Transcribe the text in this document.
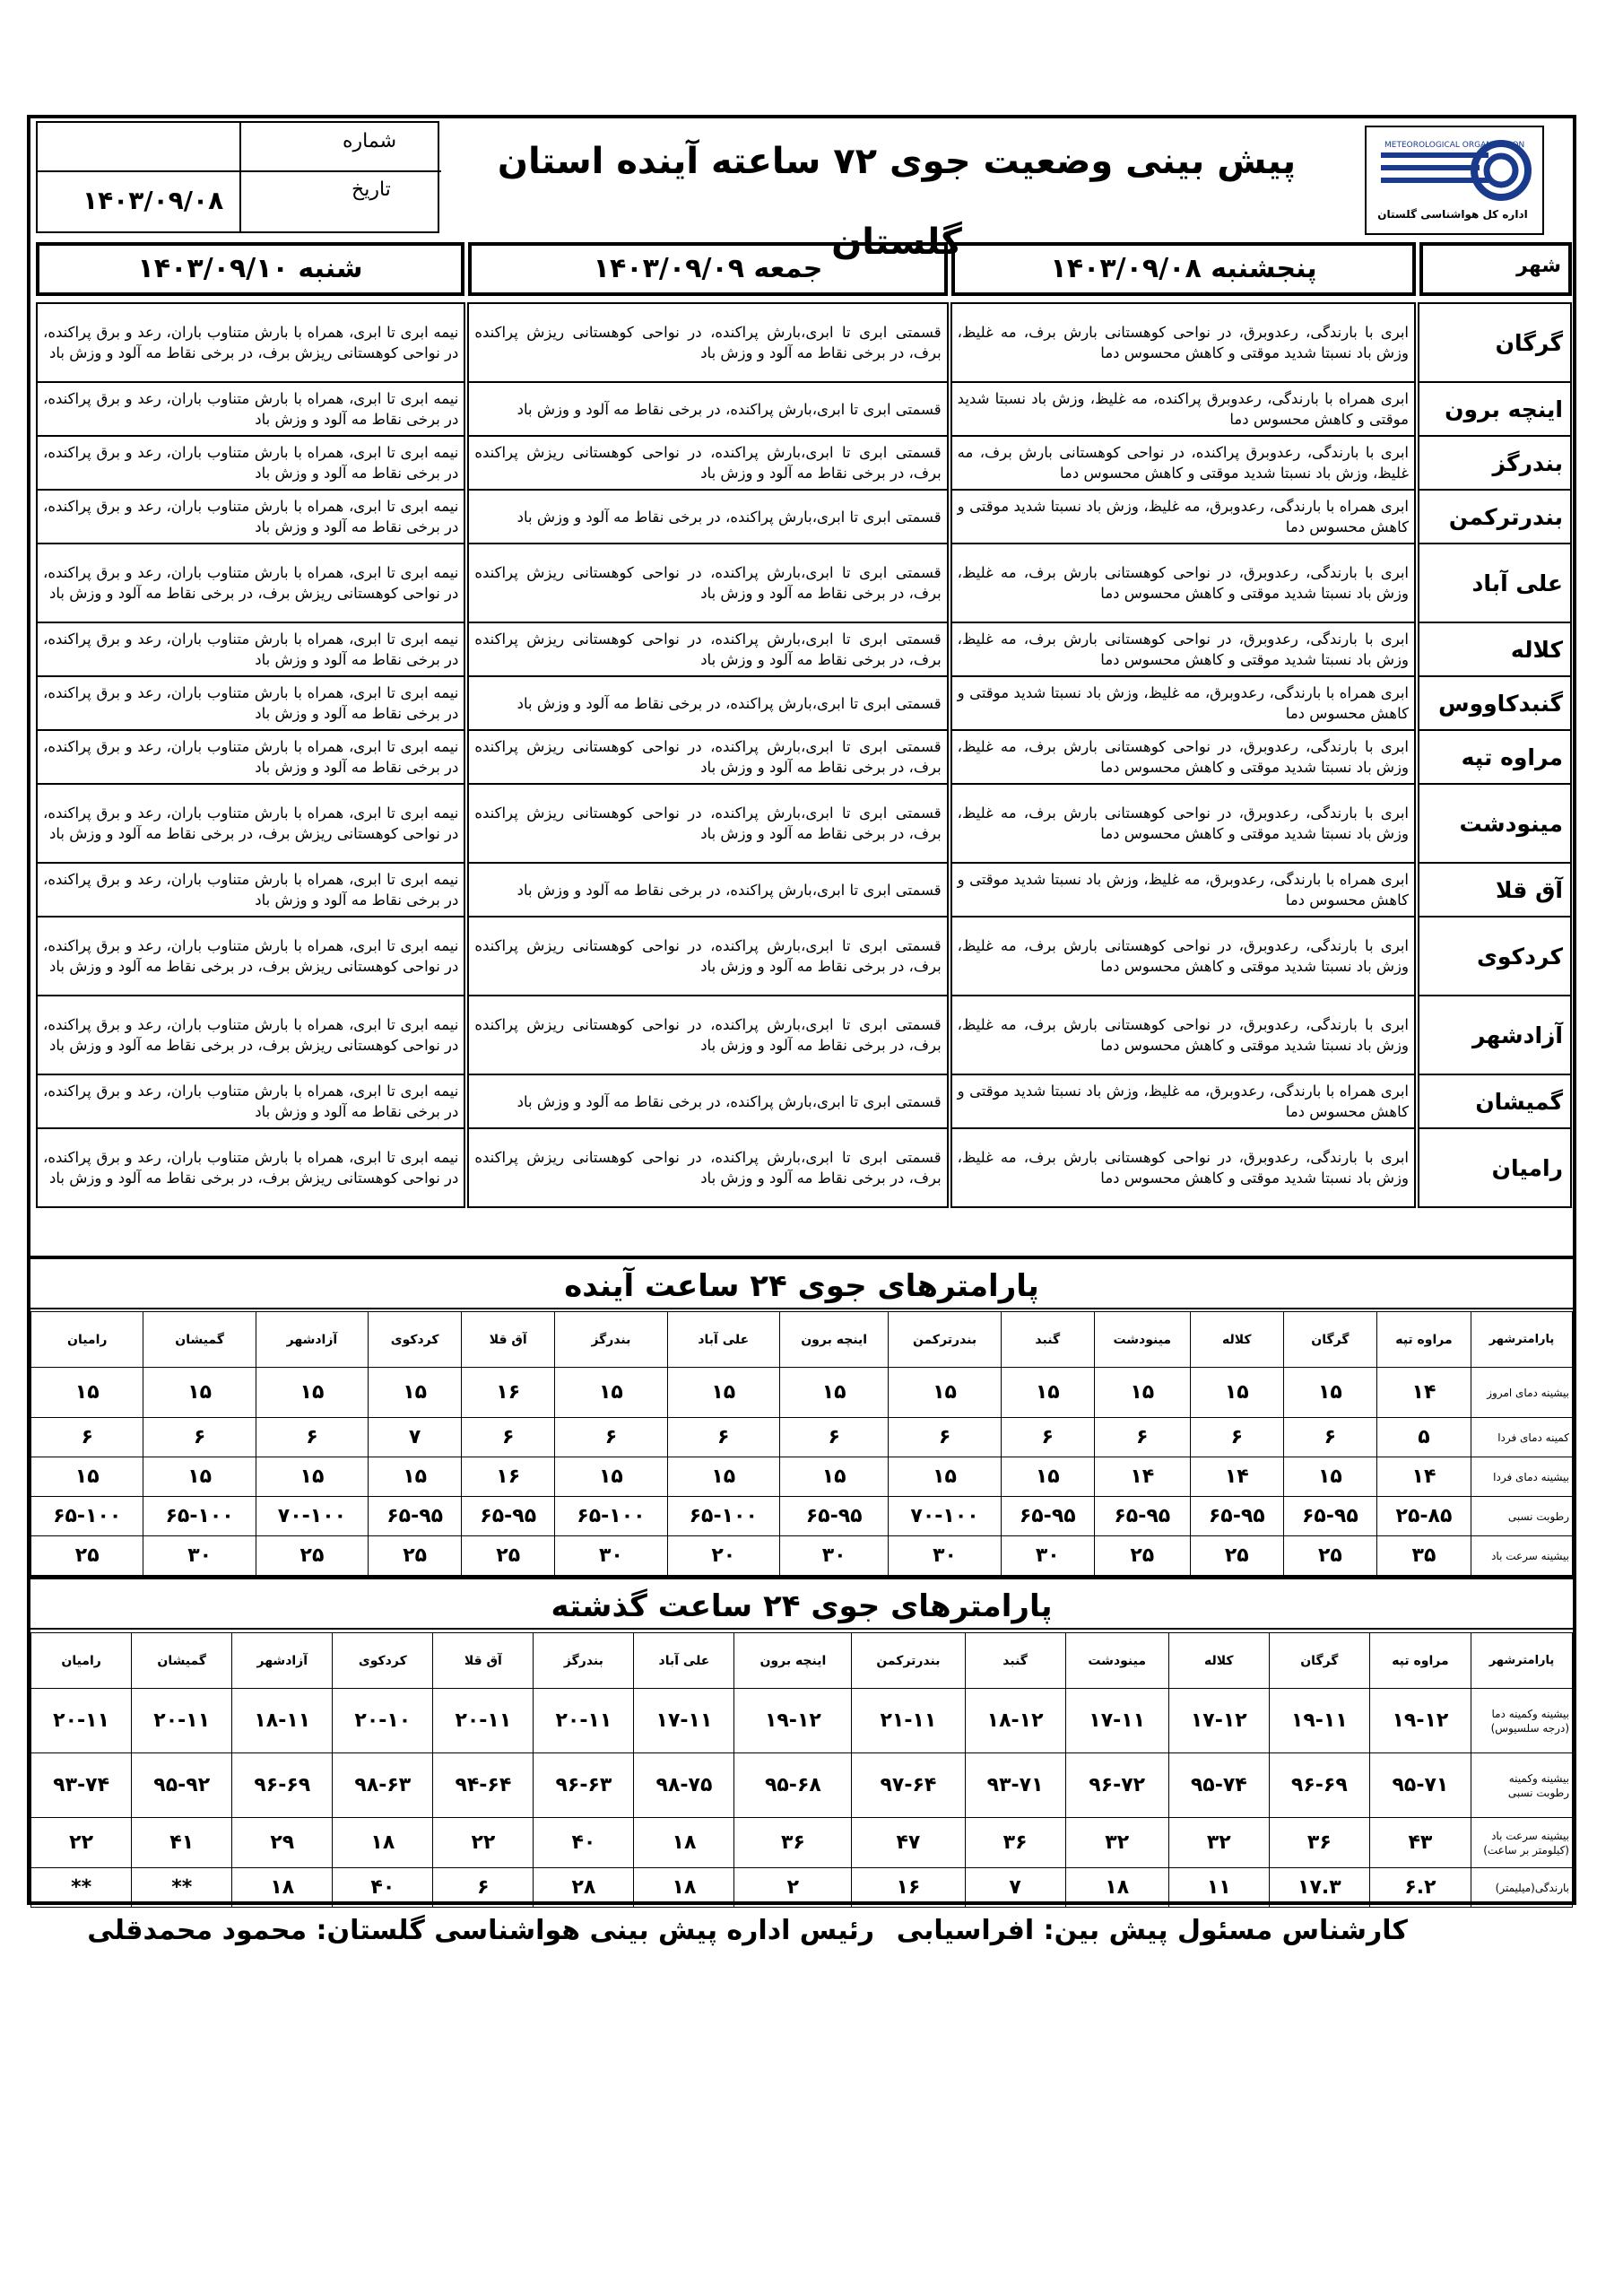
شماره
تاریخ
۱۴۰۳/۰۹/۰۸
پیش بینی وضعیت جوی ۷۲ ساعته آینده استان گلستان
METEOROLOGICAL ORGANIZATION
اداره کل هواشناسی گلستان
شنبه ۱۴۰۳/۰۹/۱۰	جمعه ۱۴۰۳/۰۹/۰۹	پنجشنبه ۱۴۰۳/۰۹/۰۸	شهر
نیمه ابری تا ابری، همراه با بارش متناوب باران، رعد و برق پراکنده، در نواحی کوهستانی ریزش برف، در برخی نقاط مه آلود و وزش باد		قسمتی ابری تا ابری،بارش پراکنده، در نواحی کوهستانی ریزش پراکنده برف، در برخی نقاط مه آلود و وزش باد		ابری با بارندگی، رعدوبرق، در نواحی کوهستانی بارش برف، مه غلیظ، وزش باد نسبتا شدید موقتی و کاهش محسوس دما		گرگان
نیمه ابری تا ابری، همراه با بارش متناوب باران، رعد و برق پراکنده، در برخی نقاط مه آلود و وزش باد		قسمتی ابری تا ابری،بارش پراکنده، در برخی نقاط مه آلود و وزش باد		ابری همراه با بارندگی، رعدوبرق پراکنده، مه غلیظ، وزش باد نسبتا شدید موقتی و کاهش محسوس دما		اینچه برون
نیمه ابری تا ابری، همراه با بارش متناوب باران، رعد و برق پراکنده، در برخی نقاط مه آلود و وزش باد		قسمتی ابری تا ابری،بارش پراکنده، در نواحی کوهستانی ریزش پراکنده برف، در برخی نقاط مه آلود و وزش باد		ابری با بارندگی، رعدوبرق پراکنده، در نواحی کوهستانی بارش برف، مه غلیظ، وزش باد نسبتا شدید موقتی و کاهش محسوس دما		بندرگز
نیمه ابری تا ابری، همراه با بارش متناوب باران، رعد و برق پراکنده، در برخی نقاط مه آلود و وزش باد		قسمتی ابری تا ابری،بارش پراکنده، در برخی نقاط مه آلود و وزش باد		ابری همراه با بارندگی، رعدوبرق، مه غلیظ، وزش باد نسبتا شدید موقتی و کاهش محسوس دما		بندرترکمن
نیمه ابری تا ابری، همراه با بارش متناوب باران، رعد و برق پراکنده، در نواحی کوهستانی ریزش برف، در برخی نقاط مه آلود و وزش باد		قسمتی ابری تا ابری،بارش پراکنده، در نواحی کوهستانی ریزش پراکنده برف، در برخی نقاط مه آلود و وزش باد		ابری با بارندگی، رعدوبرق، در نواحی کوهستانی بارش برف، مه غلیظ، وزش باد نسبتا شدید موقتی و کاهش محسوس دما		علی آباد
نیمه ابری تا ابری، همراه با بارش متناوب باران، رعد و برق پراکنده، در برخی نقاط مه آلود و وزش باد		قسمتی ابری تا ابری،بارش پراکنده، در نواحی کوهستانی ریزش پراکنده برف، در برخی نقاط مه آلود و وزش باد		ابری با بارندگی، رعدوبرق، در نواحی کوهستانی بارش برف، مه غلیظ، وزش باد نسبتا شدید موقتی و کاهش محسوس دما		کلاله
نیمه ابری تا ابری، همراه با بارش متناوب باران، رعد و برق پراکنده، در برخی نقاط مه آلود و وزش باد		قسمتی ابری تا ابری،بارش پراکنده، در برخی نقاط مه آلود و وزش باد		ابری همراه با بارندگی، رعدوبرق، مه غلیظ، وزش باد نسبتا شدید موقتی و کاهش محسوس دما		گنبدکاووس
نیمه ابری تا ابری، همراه با بارش متناوب باران، رعد و برق پراکنده، در برخی نقاط مه آلود و وزش باد		قسمتی ابری تا ابری،بارش پراکنده، در نواحی کوهستانی ریزش پراکنده برف، در برخی نقاط مه آلود و وزش باد		ابری با بارندگی، رعدوبرق، در نواحی کوهستانی بارش برف، مه غلیظ، وزش باد نسبتا شدید موقتی و کاهش محسوس دما		مراوه تپه
نیمه ابری تا ابری، همراه با بارش متناوب باران، رعد و برق پراکنده، در نواحی کوهستانی ریزش برف، در برخی نقاط مه آلود و وزش باد		قسمتی ابری تا ابری،بارش پراکنده، در نواحی کوهستانی ریزش پراکنده برف، در برخی نقاط مه آلود و وزش باد		ابری با بارندگی، رعدوبرق، در نواحی کوهستانی بارش برف، مه غلیظ، وزش باد نسبتا شدید موقتی و کاهش محسوس دما		مینودشت
نیمه ابری تا ابری، همراه با بارش متناوب باران، رعد و برق پراکنده، در برخی نقاط مه آلود و وزش باد		قسمتی ابری تا ابری،بارش پراکنده، در برخی نقاط مه آلود و وزش باد		ابری همراه با بارندگی، رعدوبرق، مه غلیظ، وزش باد نسبتا شدید موقتی و کاهش محسوس دما		آق قلا
نیمه ابری تا ابری، همراه با بارش متناوب باران، رعد و برق پراکنده، در نواحی کوهستانی ریزش برف، در برخی نقاط مه آلود و وزش باد		قسمتی ابری تا ابری،بارش پراکنده، در نواحی کوهستانی ریزش پراکنده برف، در برخی نقاط مه آلود و وزش باد		ابری با بارندگی، رعدوبرق، در نواحی کوهستانی بارش برف، مه غلیظ، وزش باد نسبتا شدید موقتی و کاهش محسوس دما		کردکوی
نیمه ابری تا ابری، همراه با بارش متناوب باران، رعد و برق پراکنده، در نواحی کوهستانی ریزش برف، در برخی نقاط مه آلود و وزش باد		قسمتی ابری تا ابری،بارش پراکنده، در نواحی کوهستانی ریزش پراکنده برف، در برخی نقاط مه آلود و وزش باد		ابری با بارندگی، رعدوبرق، در نواحی کوهستانی بارش برف، مه غلیظ، وزش باد نسبتا شدید موقتی و کاهش محسوس دما		آزادشهر
نیمه ابری تا ابری، همراه با بارش متناوب باران، رعد و برق پراکنده، در برخی نقاط مه آلود و وزش باد		قسمتی ابری تا ابری،بارش پراکنده، در برخی نقاط مه آلود و وزش باد		ابری همراه با بارندگی، رعدوبرق، مه غلیظ، وزش باد نسبتا شدید موقتی و کاهش محسوس دما		گمیشان
نیمه ابری تا ابری، همراه با بارش متناوب باران، رعد و برق پراکنده، در نواحی کوهستانی ریزش برف، در برخی نقاط مه آلود و وزش باد		قسمتی ابری تا ابری،بارش پراکنده، در نواحی کوهستانی ریزش پراکنده برف، در برخی نقاط مه آلود و وزش باد		ابری با بارندگی، رعدوبرق، در نواحی کوهستانی بارش برف، مه غلیظ، وزش باد نسبتا شدید موقتی و کاهش محسوس دما		رامیان
پارامترهای جوی ۲۴ ساعت آینده
پارامترشهر	مراوه تپه	گرگان	کلاله	مینودشت	گنبد	بندرترکمن	اینچه برون	علی آباد	بندرگز	آق قلا	کردکوی	آزادشهر	گمیشان	رامیان
بیشینه دمای امروز	۱۴	۱۵	۱۵	۱۵	۱۵	۱۵	۱۵	۱۵	۱۵	۱۶	۱۵	۱۵	۱۵	۱۵
کمینه دمای فردا	۵	۶	۶	۶	۶	۶	۶	۶	۶	۶	۷	۶	۶	۶
بیشینه دمای فردا	۱۴	۱۵	۱۴	۱۴	۱۵	۱۵	۱۵	۱۵	۱۵	۱۶	۱۵	۱۵	۱۵	۱۵
رطوبت نسبی	۲۵-۸۵	۶۵-۹۵	۶۵-۹۵	۶۵-۹۵	۶۵-۹۵	۷۰-۱۰۰	۶۵-۹۵	۶۵-۱۰۰	۶۵-۱۰۰	۶۵-۹۵	۶۵-۹۵	۷۰-۱۰۰	۶۵-۱۰۰	۶۵-۱۰۰
بیشینه سرعت باد	۳۵	۲۵	۲۵	۲۵	۳۰	۳۰	۳۰	۲۰	۳۰	۲۵	۲۵	۲۵	۳۰	۲۵
پارامترهای جوی ۲۴ ساعت گذشته
پارامترشهر	مراوه تپه	گرگان	کلاله	مینودشت	گنبد	بندرترکمن	اینچه برون	علی آباد	بندرگز	آق قلا	کردکوی	آزادشهر	گمیشان	رامیان
بیشینه وکمینه دما (درجه سلسیوس)	۱۹-۱۲	۱۹-۱۱	۱۷-۱۲	۱۷-۱۱	۱۸-۱۲	۲۱-۱۱	۱۹-۱۲	۱۷-۱۱	۲۰-۱۱	۲۰-۱۱	۲۰-۱۰	۱۸-۱۱	۲۰-۱۱	۲۰-۱۱
بیشینه وکمینه رطوبت نسبی	۹۵-۷۱	۹۶-۶۹	۹۵-۷۴	۹۶-۷۲	۹۳-۷۱	۹۷-۶۴	۹۵-۶۸	۹۸-۷۵	۹۶-۶۳	۹۴-۶۴	۹۸-۶۳	۹۶-۶۹	۹۵-۹۲	۹۳-۷۴
بیشینه سرعت باد (کیلومتر بر ساعت)	۴۳	۳۶	۳۲	۳۲	۳۶	۴۷	۳۶	۱۸	۴۰	۲۲	۱۸	۲۹	۴۱	۲۲
بارندگی(میلیمتر)	۶.۲	۱۷.۳	۱۱	۱۸	۷	۱۶	۲	۱۸	۲۸	۶	۴۰	۱۸	**	**
کارشناس مسئول پیش بین: افراسیابی
رئیس اداره پیش بینی هواشناسی گلستان: محمود محمدقلی
